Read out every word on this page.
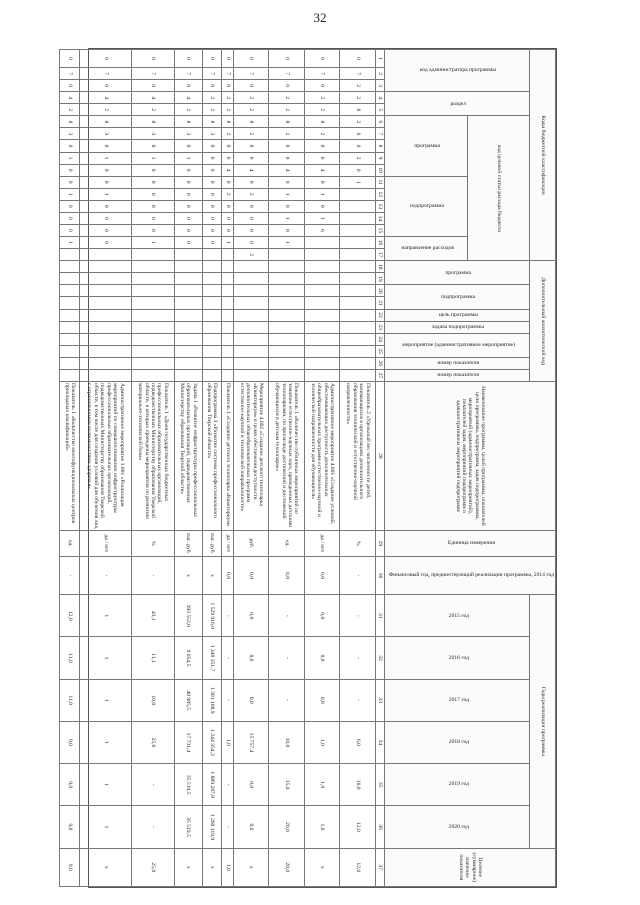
32
Коды бюджетной классификации																	Дополнительный аналитический код										Наименование программы, целей программы, показателей цели программы, подпрограмм, задач подпрограммы, мероприятий (административных мероприятий), показателей задач, мероприятий подпрограмм и административных мероприятий подпрограмм	Единица измерения	Финансовый год, предшествующий реализации программы, 2014 год	Годы реализации программы						Целевое (суммарное) значение показателя
код администратора программы			раздел		код целевой статьи расхода бюджета												программа		подпрограмма		цель программы	задача подпрограммы	мероприятие (административное мероприятие)		номер показателя	номер показателя				2015 год	2016 год	2017 год	2018 год	2019 год	2020 год	
					программа					подпрограмма					направление расходов																					
1	2	3	4	5	6	7	8	9	10	11	12	13	14	15	16	17	18	19	20	21	22	23	24	25	26	27	28	29	30	31	32	33	34	35	36	37
0	7	2	2	8	2	0	0	2	0	1																	Показатель 2 «Удельный вес численности детей, занимающихся в организациях дополнительного образования технической и естественно-научной направленности»	%	-	-	-	-	6,0	10,0	12,0	12,0
0	7	0	2	2	8	2	0	0	4	0	1	0	1	6													Административное мероприятие 4.001 «Создание условий, обеспечивающих доступность дополнительных общеобразовательных программ естественно-научной и технической направленности для обучающихся»	да / нет	0,0	0,0	0,0	0,0	1,0	1,0	1,0	x
0	7	0	2	2	8	2	0	0	4	0	1	0	1	0	1												Показатель 1 «Количество публичных мероприятий по тематике естественно-научных наук, проведенных детскими технопарками, по пропаганде достижений и достижений обучающихся в детском технопарке»	ед.	0,0	-	-	-	10,0	15,0	20,0	20,0
0	7	0	2	2	8	2	0	0	4	0	2	0	0	0	0	2											Мероприятие 4.002 «Создание детского технопарка «Кванториум» в целях обеспечения доступности дополнительных общеобразовательных программ естественно-научной и технической направленности»	руб.	0,0	0,0	0,0	0,0	15 757,4	0,0	0,0	x
0	7	0	2	2	8	2	0	0	4	0	2	0	0	0	1												Показатель 1 «Создание детского технопарка «Кванториум»	да / нет	0,0	-	-	-	1,0	-	-	1,0
0	7	0	2	2	8	3	0	0	0	0	0	0	0	0	0												Подпрограмма 3 «Развитие системы профессионального образования Тверской области»	тыс. руб.	x	1 529 916,0	1 340 351,7	1 301 108,9	1 244 354,3	1 889 287,8	1 260 119,9	x
0	7	0	4	2	8	3	0	1	0	0	0	0	0	0	0												Задача 1 «Развитие инфраструктуры профессиональных образовательных организаций, подведомственных Министерству образования Тверской области»	тыс. руб.	x	393 552,0	9 054,5	40 985,5	17 731,4	35 519,5	35 519,5	x
0	7	0	4	2	8	3	0	1	0	0	0	0	0	0	1												Показатель 1 «Доля государственных бюджетных профессиональных образовательных организаций, подведомственных Министерству образования Тверской области, в которых проведены мероприятия по развитию материально-технической базы»	%	-	43,1	11,1	10,0	25,0	-	-	25,0
0	7	0	4	2	8	3	0	1	0	0	1	0	0	0	0												Административное мероприятие 1.001 «Реализация мероприятий по совершенствованию инфраструктуры профессиональных образовательных организаций, подведомственных Министерству образования Тверской области, в том числе для создания условий для обучения лиц с ограниченными возможностями здоровья»	да / нет	-	1	1	1	1	1	1	x
0	7	0	4	2	8	3	0	1	0	0	1	0	0	0	1												Показатель 1 «Количество многофункциональных центров прикладных квалификаций»	ед.	-	12,0	11,0	11,0	9,0	9,0	9,0	9,0
